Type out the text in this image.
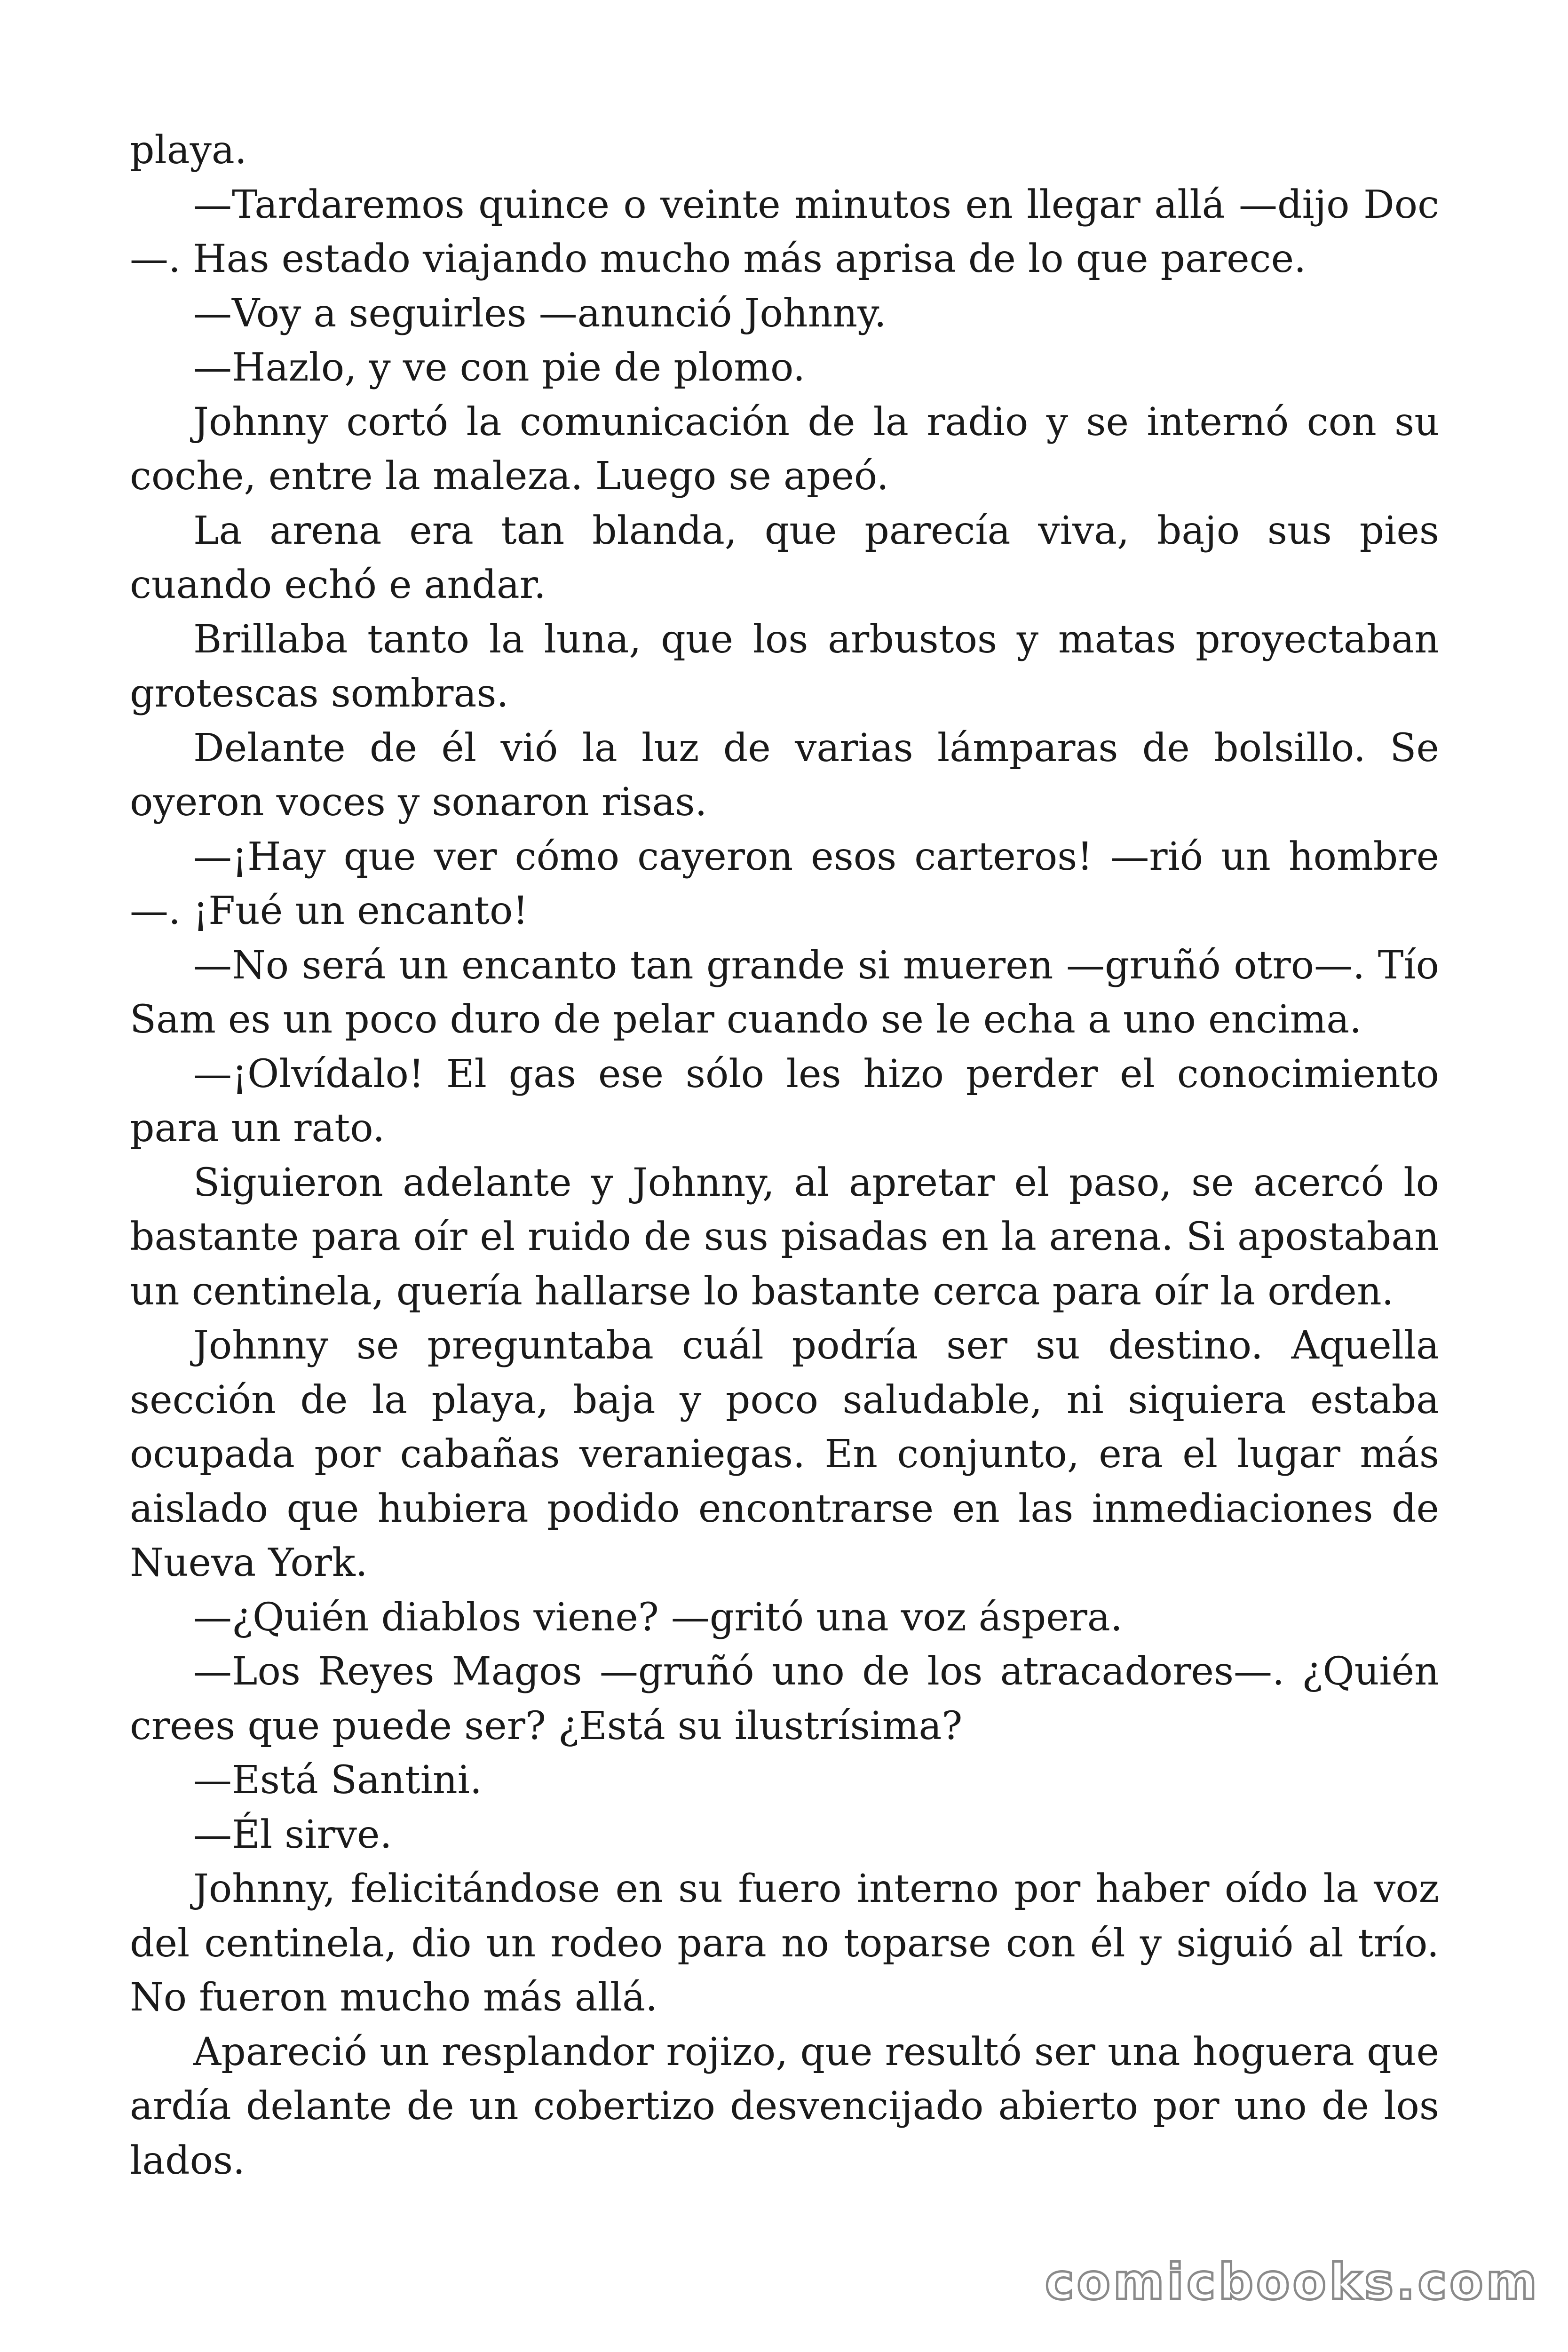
playa.

—Tardaremos quince o veinte minutos en llegar allá —dijo Doc —. Has estado viajando mucho más aprisa de lo que parece.

—Voy a seguirles —anunció Johnny.

—Hazlo, y ve con pie de plomo.

Johnny cortó la comunicación de la radio y se internó con su coche, entre la maleza. Luego se apeó.

La arena era tan blanda, que parecía viva, bajo sus pies cuando echó e andar.

Brillaba tanto la luna, que los arbustos y matas proyectaban grotescas sombras.

Delante de él vió la luz de varias lámparas de bolsillo. Se oyeron voces y sonaron risas.

—¡Hay que ver cómo cayeron esos carteros! —rió un hombre—. ¡Fué un encanto!

—No será un encanto tan grande si mueren —gruñó otro—. Tío Sam es un poco duro de pelar cuando se le echa a uno encima.

—¡Olvídalo! El gas ese sólo les hizo perder el conocimiento para un rato.

Siguieron adelante y Johnny, al apretar el paso, se acercó lo bastante para oír el ruido de sus pisadas en la arena. Si apostaban un centinela, quería hallarse lo bastante cerca para oír la orden.

Johnny se preguntaba cuál podría ser su destino. Aquella sección de la playa, baja y poco saludable, ni siquiera estaba ocupada por cabañas veraniegas. En conjunto, era el lugar más aislado que hubiera podido encontrarse en las inmediaciones de Nueva York.

—¿Quién diablos viene? —gritó una voz áspera.

—Los Reyes Magos —gruñó uno de los atracadores—. ¿Quién crees que puede ser? ¿Está su ilustrísima?

—Está Santini.

—Él sirve.

Johnny, felicitándose en su fuero interno por haber oído la voz del centinela, dio un rodeo para no toparse con él y siguió al trío. No fueron mucho más allá.

Apareció un resplandor rojizo, que resultó ser una hoguera que ardía delante de un cobertizo desvencijado abierto por uno de los lados.

comicbooks.com
